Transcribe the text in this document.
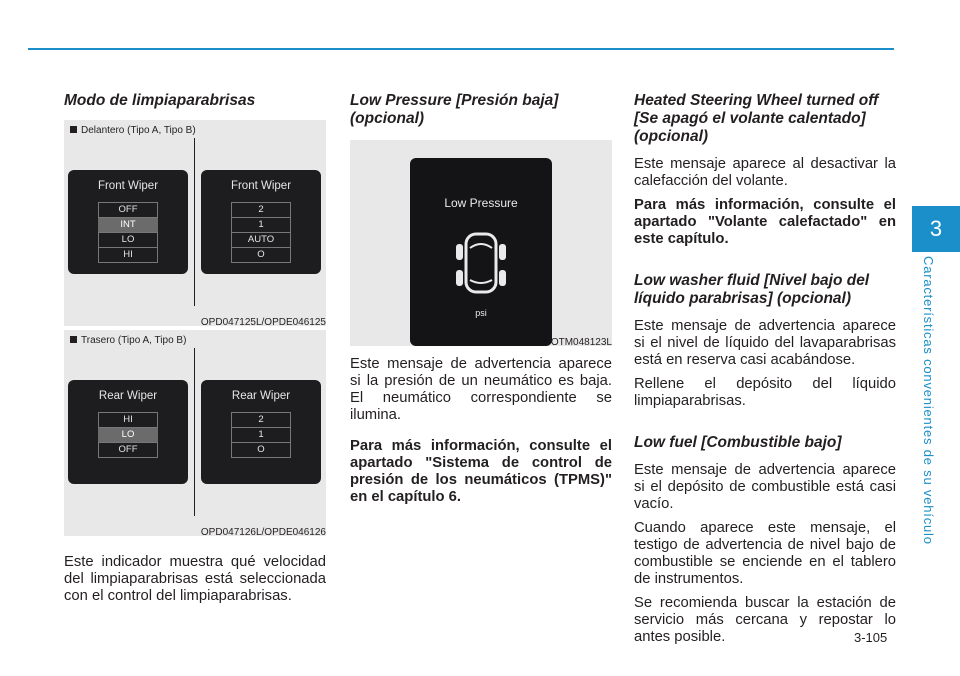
3
Características convenientes de su vehículo
3-105
Modo de limpiaparabrisas
Delantero (Tipo A, Tipo B)
Front Wiper
OFF
INT
LO
HI
Front Wiper
2
1
AUTO
O
OPD047125L/OPDE046125
Trasero (Tipo A, Tipo B)
Rear Wiper
HI
LO
OFF
Rear Wiper
2
1
O
OPD047126L/OPDE046126

Este indicador muestra qué velocidad del limpiaparabrisas está seleccionada con el control del limpiaparabrisas.

Low Pressure [Presión baja] (opcional)
Low Pressure
psi
OTM048123L

Este mensaje de advertencia aparece si la presión de un neumático es baja. El neumático correspondiente se ilumina.

Para más información, consulte el apartado "Sistema de control de presión de los neumáticos (TPMS)" en el capítulo 6.

Heated Steering Wheel turned off [Se apagó el volante calentado] (opcional)

Este mensaje aparece al desactivar la calefacción del volante.

Para más información, consulte el apartado "Volante calefactado" en este capítulo.

Low washer fluid [Nivel bajo del líquido parabrisas] (opcional)

Este mensaje de advertencia aparece si el nivel de líquido del lavaparabrisas está en reserva casi acabándose.

Rellene el depósito del líquido limpiaparabrisas.

Low fuel [Combustible bajo]

Este mensaje de advertencia aparece si el depósito de combustible está casi vacío.

Cuando aparece este mensaje, el testigo de advertencia de nivel bajo de combustible se enciende en el tablero de instrumentos.

Se recomienda buscar la estación de servicio más cercana y repostar lo antes posible.
